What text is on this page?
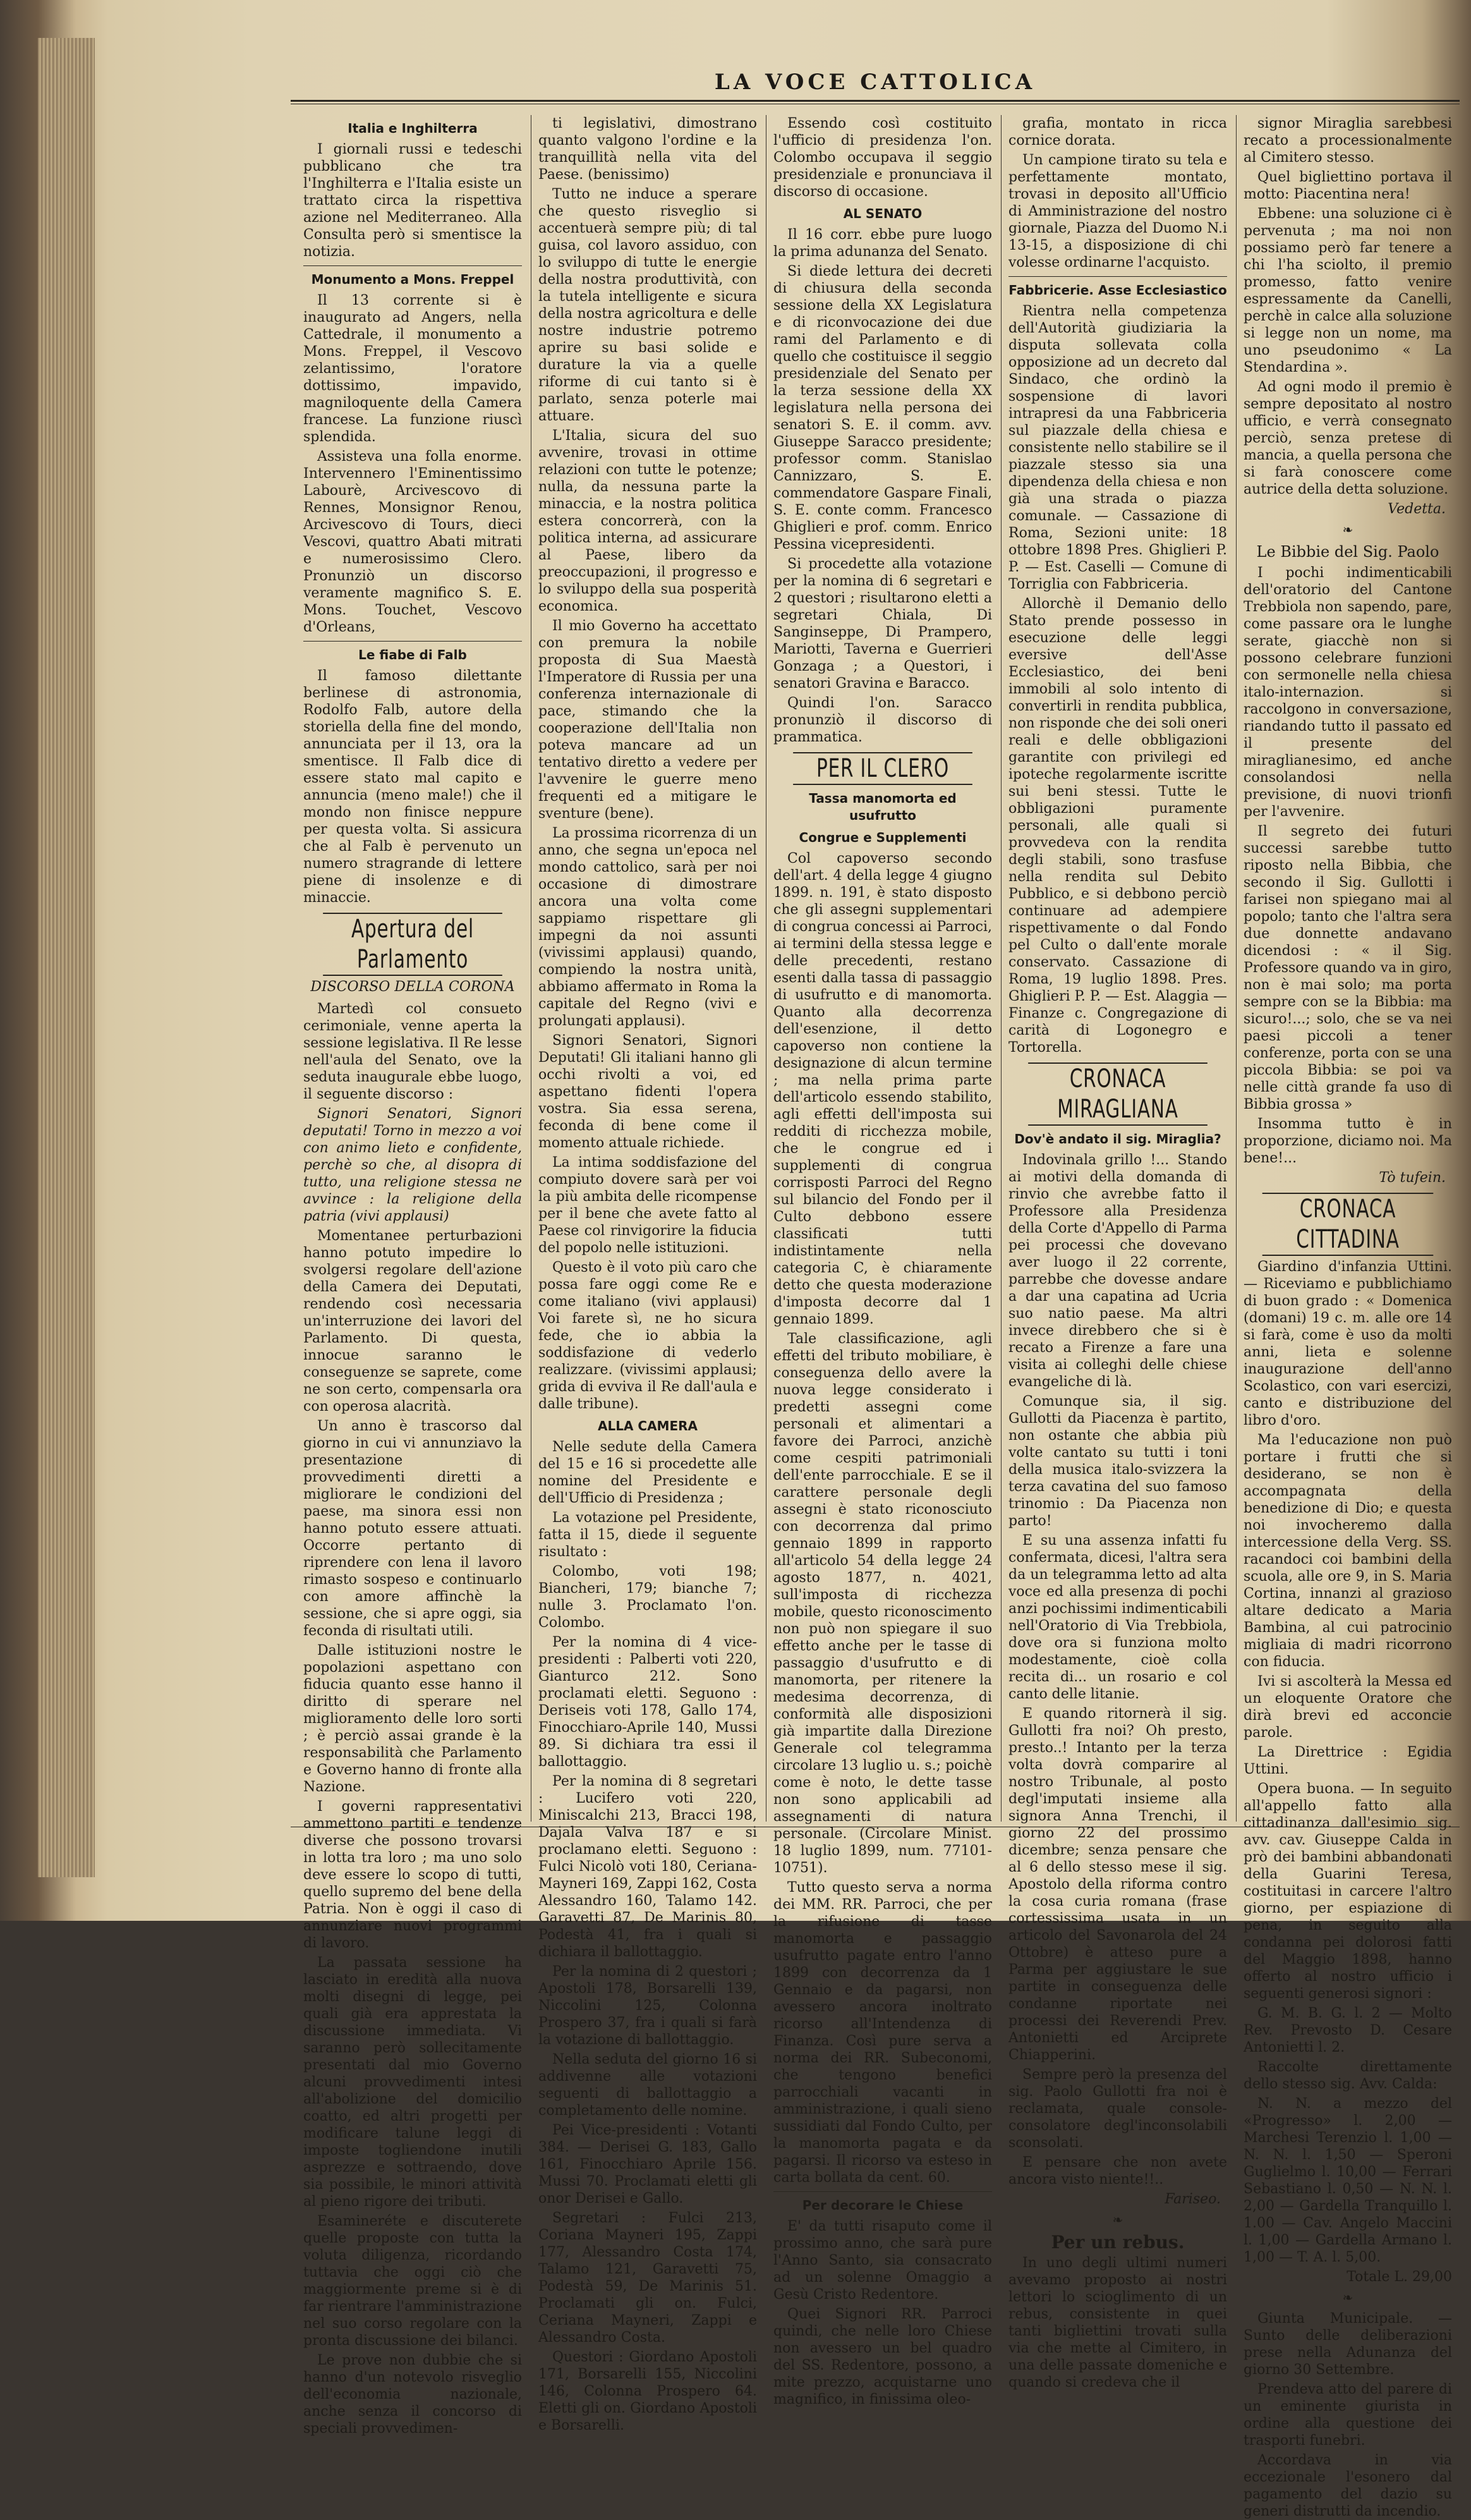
LA VOCE CATTOLICA
Italia e Inghilterra

I giornali russi e tedeschi pubblicano che tra l'Inghilterra e l'Italia esiste un trattato circa la rispettiva azione nel Mediterraneo. Alla Consulta però si smentisce la notizia.

Monumento a Mons. Freppel

Il 13 corrente si è inaugurato ad Angers, nella Cattedrale, il monumento a Mons. Freppel, il Vescovo zelantissimo, l'oratore dottissimo, impavido, magniloquente della Camera francese. La funzione riuscì splendida.

Assisteva una folla enorme. Intervennero l'Eminentissimo Labourè, Arcivescovo di Rennes, Monsignor Renou, Arcivescovo di Tours, dieci Vescovi, quattro Abati mitrati e numerosissimo Clero. Pronunziò un discorso veramente magnifico S. E. Mons. Touchet, Vescovo d'Orleans,

Le fiabe di Falb

Il famoso dilettante berlinese di astronomia, Rodolfo Falb, autore della storiella della fine del mondo, annunciata per il 13, ora la smentisce. Il Falb dice di essere stato mal capito e annuncia (meno male!) che il mondo non finisce neppure per questa volta. Si assicura che al Falb è pervenuto un numero stragrande di lettere piene di insolenze e di minaccie.

Apertura del Parlamento
DISCORSO DELLA CORONA

Martedì col consueto cerimoniale, venne aperta la sessione legislativa. Il Re lesse nell'aula del Senato, ove la seduta inaugurale ebbe luogo, il seguente discorso :

Signori Senatori, Signori deputati! Torno in mezzo a voi con animo lieto e confidente, perchè so che, al disopra di tutto, una religione stessa ne avvince : la religione della patria (vivi applausi)

Momentanee perturbazioni hanno potuto impedire lo svolgersi regolare dell'azione della Camera dei Deputati, rendendo così necessaria un'interruzione dei lavori del Parlamento. Di questa, innocue saranno le conseguenze se saprete, come ne son certo, compensarla ora con operosa alacrità.

Un anno è trascorso dal giorno in cui vi annunziavo la presentazione di provvedimenti diretti a migliorare le condizioni del paese, ma sinora essi non hanno potuto essere attuati. Occorre pertanto di riprendere con lena il lavoro rimasto sospeso e continuarlo con amore affinchè la sessione, che si apre oggi, sia feconda di risultati utili.

Dalle istituzioni nostre le popolazioni aspettano con fiducia quanto esse hanno il diritto di sperare nel miglioramento delle loro sorti ; è perciò assai grande è la responsabilità che Parlamento e Governo hanno di fronte alla Nazione.

I governi rappresentativi ammettono partiti e tendenze diverse che possono trovarsi in lotta tra loro ; ma uno solo deve essere lo scopo di tutti, quello supremo del bene della Patria. Non è oggi il caso di annunziare nuovi programmi di lavoro.

La passata sessione ha lasciato in eredità alla nuova molti disegni di legge, pei quali già era apprestata la discussione immediata. Vi saranno però sollecitamente presentati dal mio Governo alcuni provvedimenti intesi all'abolizione del domicilio coatto, ed altri progetti per modificare talune leggi di imposte togliendone inutili asprezze e sottraendo, dove sia possibile, le minori attività al pieno rigore dei tributi.

Esamineréte e discuterete quelle proposte con tutta la voluta diligenza, ricordando tuttavia che oggi ciò che maggiormente preme si è di far rientrare l'amministrazione nel suo corso regolare con la pronta discussione dei bilanci.

Le prove non dubbie che si hanno d'un notevolo risveglio dell'economia nazionale, anche senza il concorso di speciali provvedimen-

ti legislativi, dimostrano quanto valgono l'ordine e la tranquillità nella vita del Paese. (benissimo)

Tutto ne induce a sperare che questo risveglio si accentuerà sempre più; di tal guisa, col lavoro assiduo, con lo sviluppo di tutte le energie della nostra produttività, con la tutela intelligente e sicura della nostra agricoltura e delle nostre industrie potremo aprire su basi solide e durature la via a quelle riforme di cui tanto si è parlato, senza poterle mai attuare.

L'Italia, sicura del suo avvenire, trovasi in ottime relazioni con tutte le potenze; nulla, da nessuna parte la minaccia, e la nostra politica estera concorrerà, con la politica interna, ad assicurare al Paese, libero da preoccupazioni, il progresso e lo sviluppo della sua posperità economica.

Il mio Governo ha accettato con premura la nobile proposta di Sua Maestà l'Imperatore di Russia per una conferenza internazionale di pace, stimando che la cooperazione dell'Italia non poteva mancare ad un tentativo diretto a vedere per l'avvenire le guerre meno frequenti ed a mitigare le sventure (bene).

La prossima ricorrenza di un anno, che segna un'epoca nel mondo cattolico, sarà per noi occasione di dimostrare ancora una volta come sappiamo rispettare gli impegni da noi assunti (vivissimi applausi) quando, compiendo la nostra unità, abbiamo affermato in Roma la capitale del Regno (vivi e prolungati applausi).

Signori Senatori, Signori Deputati! Gli italiani hanno gli occhi rivolti a voi, ed aspettano fidenti l'opera vostra. Sia essa serena, feconda di bene come il momento attuale richiede.

La intima soddisfazione del compiuto dovere sarà per voi la più ambita delle ricompense per il bene che avete fatto al Paese col rinvigorire la fiducia del popolo nelle istituzioni.

Questo è il voto più caro che possa fare oggi come Re e come italiano (vivi applausi) Voi farete sì, ne ho sicura fede, che io abbia la soddisfazione di vederlo realizzare. (vivissimi applausi; grida di evviva il Re dall'aula e dalle tribune).

ALLA CAMERA

Nelle sedute della Camera del 15 e 16 si procedette alle nomine del Presidente e dell'Ufficio di Presidenza ;

La votazione pel Presidente, fatta il 15, diede il seguente risultato :

Colombo, voti 198; Biancheri, 179; bianche 7; nulle 3. Proclamato l'on. Colombo.

Per la nomina di 4 vice-presidenti : Palberti voti 220, Gianturco 212. Sono proclamati eletti. Seguono : Deriseis voti 178, Gallo 174, Finocchiaro-Aprile 140, Mussi 89. Si dichiara tra essi il ballottaggio.

Per la nomina di 8 segretari : Lucifero voti 220, Miniscalchi 213, Bracci 198, Dajala Valva 187 e si proclamano eletti. Seguono : Fulci Nicolò voti 180, Ceriana-Mayneri 169, Zappi 162, Costa Alessandro 160, Talamo 142. Garavetti 87, De Marinis 80, Podestà 41, fra i quali si dichiara il ballottaggio.

Per la nomina di 2 questori ; Apostoli 178, Borsarelli 139, Niccolini 125, Colonna Prospero 37, fra i quali si farà la votazione di ballottaggio.

Nella seduta del giorno 16 si addivenne alle votazioni seguenti di ballottaggio a completamento delle nomine.

Pei Vice-presidenti : Votanti 384. — Derisei G. 183, Gallo 161, Finocchiaro Aprile 156. Mussi 70. Proclamati eletti gli onor Derisei e Gallo.

Segretari : Fulci 213, Coriana Mayneri 195, Zappi 177, Alessandro Costa 174, Talamo 121, Garavetti 75, Podestà 59, De Marinis 51. Proclamati gli on. Fulci, Ceriana Mayneri, Zappi e Alessandro Costa.

Questori : Giordano Apostoli 171, Borsarelli 155, Niccolini 146, Colonna Prospero 64. Eletti gli on. Giordano Apostoli e Borsarelli.

Essendo così costituito l'ufficio di presidenza l'on. Colombo occupava il seggio presidenziale e pronunciava il discorso di occasione.

AL SENATO

Il 16 corr. ebbe pure luogo la prima adunanza del Senato.

Si diede lettura dei decreti di chiusura della seconda sessione della XX Legislatura e di riconvocazione dei due rami del Parlamento e di quello che costituisce il seggio presidenziale del Senato per la terza sessione della XX legislatura nella persona dei senatori S. E. il comm. avv. Giuseppe Saracco presidente; professor comm. Stanislao Cannizzaro, S. E. commendatore Gaspare Finali, S. E. conte comm. Francesco Ghiglieri e prof. comm. Enrico Pessina vicepresidenti.

Si procedette alla votazione per la nomina di 6 segretari e 2 questori ; risultarono eletti a segretari Chiala, Di Sanginseppe, Di Prampero, Mariotti, Taverna e Guerrieri Gonzaga ; a Questori, i senatori Gravina e Baracco.

Quindi l'on. Saracco pronunziò il discorso di prammatica.

PER IL CLERO
Tassa manomorta ed usufrutto
Congrue e Supplementi

Col capoverso secondo dell'art. 4 della legge 4 giugno 1899. n. 191, è stato disposto che gli assegni supplementari di congrua concessi ai Parroci, ai termini della stessa legge e delle precedenti, restano esenti dalla tassa di passaggio di usufrutto e di manomorta. Quanto alla decorrenza dell'esenzione, il detto capoverso non contiene la designazione di alcun termine ; ma nella prima parte dell'articolo essendo stabilito, agli effetti dell'imposta sui redditi di ricchezza mobile, che le congrue ed i supplementi di congrua corrisposti Parroci del Regno sul bilancio del Fondo per il Culto debbono essere classificati tutti indistintamente nella categoria C, è chiaramente detto che questa moderazione d'imposta decorre dal 1 gennaio 1899.

Tale classificazione, agli effetti del tributo mobiliare, è conseguenza dello avere la nuova legge considerato i predetti assegni come personali et alimentari a favore dei Parroci, anzichè come cespiti patrimoniali dell'ente parrocchiale. E se il carattere personale degli assegni è stato riconosciuto con decorrenza dal primo gennaio 1899 in rapporto all'articolo 54 della legge 24 agosto 1877, n. 4021, sull'imposta di ricchezza mobile, questo riconoscimento non può non spiegare il suo effetto anche per le tasse di passaggio d'usufrutto e di manomorta, per ritenere la medesima decorrenza, di conformità alle disposizioni già impartite dalla Direzione Generale col telegramma circolare 13 luglio u. s.; poichè come è noto, le dette tasse non sono applicabili ad assegnamenti di natura personale. (Circolare Minist. 18 luglio 1899, num. 77101-10751).

Tutto questo serva a norma dei MM. RR. Parroci, che per la rifusione di tasse manomorta e passaggio usufrutto pagate entro l'anno 1899 con decorrenza da 1 Gennaio e da pagarsi, non avessero ancora inoltrato ricorso all'Intendenza di Finanza. Così pure serva a norma dei RR. Subeconomi, che tengono benefici parrocchiali vacanti in amministrazione, i quali sieno sussidiati dal Fondo Culto, per la manomorta pagata e da pagarsi. Il ricorso va esteso in carta bollata da cent. 60.

Per decorare le Chiese

E' da tutti risaputo come il prossimo anno, che sarà pure l'Anno Santo, sia consacrato ad un solenne Omaggio a Gesù Cristo Redentore.

Quei Signori RR. Parroci quindi, che nelle loro Chiese non avessero un bel quadro del SS. Redentore, possono, a mite prezzo, acquistarne uno magnifico, in finissima oleo-

grafia, montato in ricca cornice dorata.

Un campione tirato su tela e perfettamente montato, trovasi in deposito all'Ufficio di Amministrazione del nostro giornale, Piazza del Duomo N.i 13-15, a disposizione di chi volesse ordinarne l'acquisto.

Fabbricerie. Asse Ecclesiastico

Rientra nella competenza dell'Autorità giudiziaria la disputa sollevata colla opposizione ad un decreto dal Sindaco, che ordinò la sospensione di lavori intrapresi da una Fabbriceria sul piazzale della chiesa e consistente nello stabilire se il piazzale stesso sia una dipendenza della chiesa e non già una strada o piazza comunale. — Cassazione di Roma, Sezioni unite: 18 ottobre 1898 Pres. Ghiglieri P. P. — Est. Caselli — Comune di Torriglia con Fabbriceria.

Allorchè il Demanio dello Stato prende possesso in esecuzione delle leggi eversive dell'Asse Ecclesiastico, dei beni immobili al solo intento di convertirli in rendita pubblica, non risponde che dei soli oneri reali e delle obbligazioni garantite con privilegi ed ipoteche regolarmente iscritte sui beni stessi. Tutte le obbligazioni puramente personali, alle quali si provvedeva con la rendita degli stabili, sono trasfuse nella rendita sul Debito Pubblico, e si debbono perciò continuare ad adempiere rispettivamente o dal Fondo pel Culto o dall'ente morale conservato. Cassazione di Roma, 19 luglio 1898. Pres. Ghiglieri P. P. — Est. Alaggia — Finanze c. Congregazione di carità di Logonegro e Tortorella.

CRONACA MIRAGLIANA
Dov'è andato il sig. Miraglia?

Indovinala grillo !... Stando ai motivi della domanda di rinvio che avrebbe fatto il Professore alla Presidenza della Corte d'Appello di Parma pei processi che dovevano aver luogo il 22 corrente, parrebbe che dovesse andare a dar una capatina ad Ucria suo natio paese. Ma altri invece direbbero che si è recato a Firenze a fare una visita ai colleghi delle chiese evangeliche di là.

Comunque sia, il sig. Gullotti da Piacenza è partito, non ostante che abbia più volte cantato su tutti i toni della musica italo-svizzera la terza cavatina del suo famoso trinomio : Da Piacenza non parto!

E su una assenza infatti fu confermata, dicesi, l'altra sera da un telegramma letto ad alta voce ed alla presenza di pochi anzi pochissimi indimenticabili nell'Oratorio di Via Trebbiola, dove ora si funziona molto modestamente, cioè colla recita di... un rosario e col canto delle litanie.

E quando ritornerà il sig. Gullotti fra noi? Oh presto, presto..! Intanto per la terza volta dovrà comparire al nostro Tribunale, al posto degl'imputati insieme alla signora Anna Trenchi, il giorno 22 del prossimo dicembre; senza pensare che al 6 dello stesso mese il sig. Apostolo della riforma contro la cosa curia romana (frase cortessissima usata in un articolo del Savonarola del 24 Ottobre) è atteso pure a Parma per aggiustare le sue partite in conseguenza delle condanne riportate nei processi dei Reverendi Prev. Antonietti ed Arciprete Chiapperini.

Sempre però la presenza del sig. Paolo Gullotti fra noi è reclamata, quale console-consolatore degl'inconsolabili sconsolati.

E pensare che non avete ancora visto niente!!..

Fariseo.
❧
Per un rebus.

In uno degli ultimi numeri avevamo proposto ai nostri lettori lo scioglimento di un rebus, consistente in quei tanti bigliettini trovati sulla via che mette al Cimitero, in una delle passate domeniche e quando si credeva che il

signor Miraglia sarebbesi recato a processionalmente al Cimitero stesso.

Quel bigliettino portava il motto: Piacentina nera!

Ebbene: una soluzione ci è pervenuta ; ma noi non possiamo però far tenere a chi l'ha sciolto, il premio promesso, fatto venire espressamente da Canelli, perchè in calce alla soluzione si legge non un nome, ma uno pseudonimo « La Stendardina ».

Ad ogni modo il premio è sempre depositato al nostro ufficio, e verrà consegnato perciò, senza pretese di mancia, a quella persona che si farà conoscere come autrice della detta soluzione.

Vedetta.
❧
Le Bibbie del Sig. Paolo

I pochi indimenticabili dell'oratorio del Cantone Trebbiola non sapendo, pare, come passare ora le lunghe serate, giacchè non si possono celebrare funzioni con sermonelle nella chiesa italo-internazion. si raccolgono in conversazione, riandando tutto il passato ed il presente del miraglianesimo, ed anche consolandosi nella previsione, di nuovi trionfi per l'avvenire.

Il segreto dei futuri successi sarebbe tutto riposto nella Bibbia, che secondo il Sig. Gullotti i farisei non spiegano mai al popolo; tanto che l'altra sera due donnette andavano dicendosi : « il Sig. Professore quando va in giro, non è mai solo; ma porta sempre con se la Bibbia: ma sicuro!...; solo, che se va nei paesi piccoli a tener conferenze, porta con se una piccola Bibbia: se poi va nelle città grande fa uso di Bibbia grossa »

Insomma tutto è in proporzione, diciamo noi. Ma bene!...

Tò tufein.
CRONACA CITTADINA

Giardino d'infanzia Uttini. — Riceviamo e pubblichiamo di buon grado : « Domenica (domani) 19 c. m. alle ore 14 si farà, come è uso da molti anni, lieta e solenne inaugurazione dell'anno Scolastico, con vari esercizi, canto e distribuzione del libro d'oro.

Ma l'educazione non può portare i frutti che si desiderano, se non è accompagnata della benedizione di Dio; e questa noi invocheremo dalla intercessione della Verg. SS. racandoci coi bambini della scuola, alle ore 9, in S. Maria Cortina, innanzi al grazioso altare dedicato a Maria Bambina, al cui patrocinio migliaia di madri ricorrono con fiducia.

Ivi si ascolterà la Messa ed un eloquente Oratore che dirà brevi ed acconcie parole.

La Direttrice : Egidia Uttini.

Opera buona. — In seguito all'appello fatto alla cittadinanza dall'esimio sig. avv. cav. Giuseppe Calda in prò dei bambini abbandonati della Guarini Teresa, costituitasi in carcere l'altro giorno, per espiazione di pena, in seguito alla condanna pei dolorosi fatti del Maggio 1898, hanno offerto al nostro ufficio i seguenti generosi signori :

G. M. B. G. l. 2 — Molto Rev. Prevosto D. Cesare Antonietti l. 2.

Raccolte direttamente dello stesso sig. Avv. Calda:

N. N. a mezzo del «Progresso» l. 2,00 — Marchesi Terenzio l. 1,00 — N. N. l. 1,50 — Speroni Guglielmo l. 10,00 — Ferrari Sebastiano l. 0,50 — N. N. l. 2,00 — Gardella Tranquillo l. 1.00 — Cav. Angelo Maccini l. 1,00 — Gardella Armano l. 1,00 — T. A. l. 5,00.

Totale L. 29,00

❧

Giunta Municipale. — Sunto delle deliberazioni prese nella Adunanza del giorno 30 Settembre.

Prendeva atto del parere di un eminente giurista in ordine alla questione dei trasporti funebri.

Accordava in via eccezionale l'esonero dal pagamento del dazio su generi distrutti da incendio.
